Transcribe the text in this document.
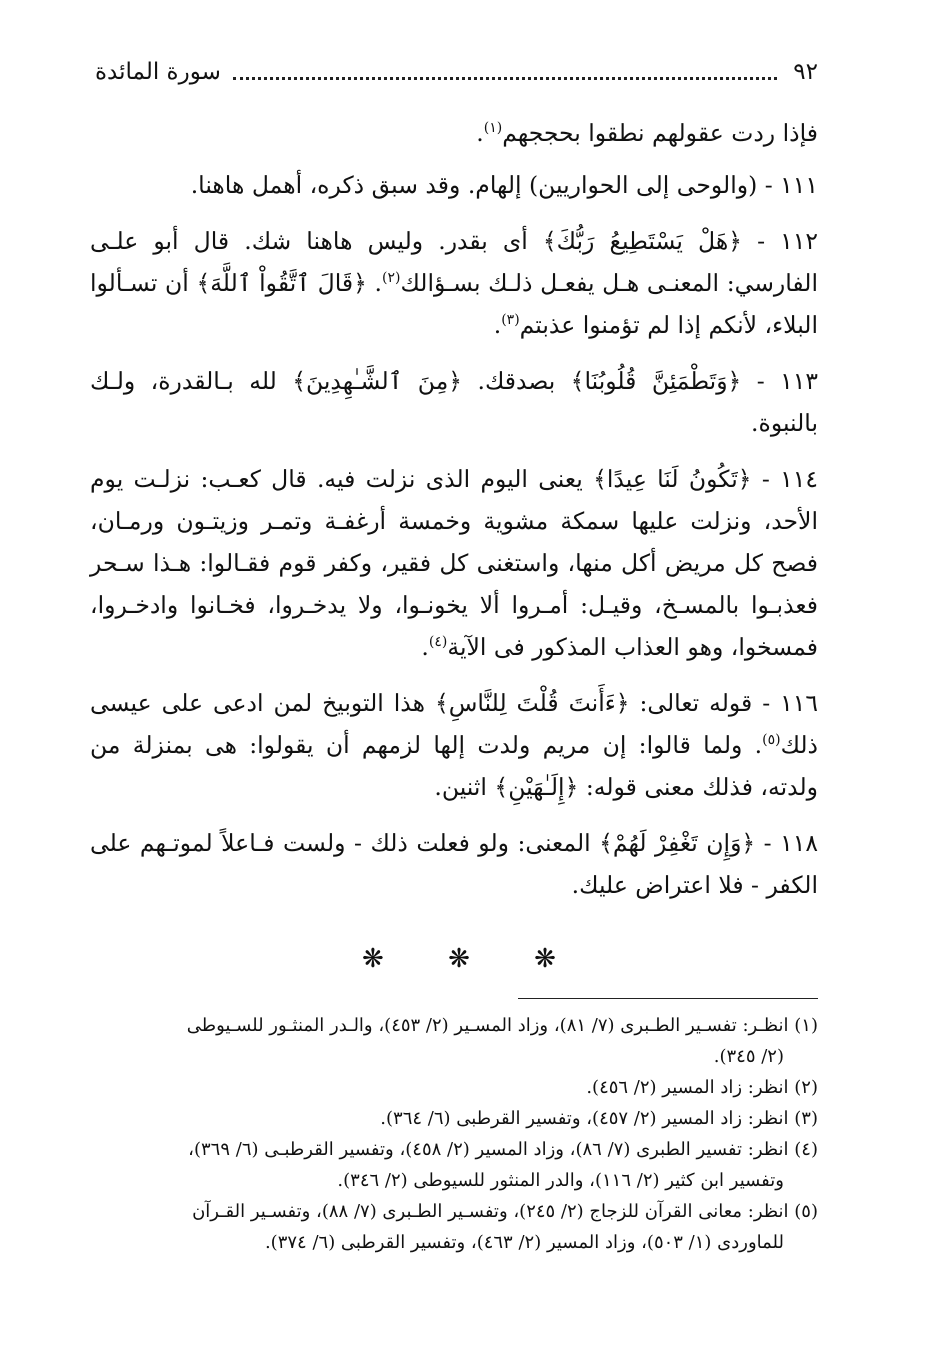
٩٢
سورة المائدة

فإذا ردت عقولهم نطقوا بحججهم$^{(١)}$.

١١١ - (والوحى إلى الحواريين) إلهام. وقد سبق ذكره، أهمل هاهنا.

١١٢ - ﴿هَلْ يَسْتَطِيعُ رَبُّكَ﴾ أى بقدر. وليس هاهنا شك. قال أبو علـى الفارسي: المعنـى هـل يفعـل ذلـك بسـؤالك$^{(٢)}$. ﴿قَالَ ٱتَّقُواْ ٱللَّهَ﴾ أن تسـألوا البلاء، لأنكم إذا لم تؤمنوا عذبتم$^{(٣)}$.

١١٣ - ﴿وَتَطْمَئِنَّ قُلُوبُنَا﴾ بصدقك. ﴿مِنَ ٱلشَّـٰهِدِينَ﴾ لله بـالقدرة، ولـك بالنبوة.

١١٤ - ﴿تَكُونُ لَنَا عِيدًا﴾ يعنى اليوم الذى نزلت فيه. قال كعـب: نزلـت يوم الأحد، ونزلت عليها سمكة مشوية وخمسة أرغفـة وتمـر وزيتـون ورمـان، فصح كل مريض أكل منها، واستغنى كل فقير، وكفر قوم فقـالوا: هـذا سـحر فعذبـوا بالمسـخ، وقيـل: أمـروا ألا يخونـوا، ولا يدخـروا، فخـانوا وادخـروا، فمسخوا، وهو العذاب المذكور فى الآية$^{(٤)}$.

١١٦ - قوله تعالى: ﴿ءَأَنتَ قُلْتَ لِلنَّاسِ﴾ هذا التوبيخ لمن ادعى على عيسى ذلك$^{(٥)}$. ولما قالوا: إن مريم ولدت إلها لزمهم أن يقولوا: هى بمنزلة من ولدته، فذلك معنى قوله: ﴿إِلَـٰهَيْنِ﴾ اثنين.

١١٨ - ﴿وَإِن تَغْفِرْ لَهُمْ﴾ المعنى: ولو فعلت ذلك - ولست فـاعلاً لموتـهم على الكفر - فلا اعتراض عليك.

❋ ❋ ❋

(١) انظـر: تفسـير الطـبرى (٧/ ٨١)، وزاد المسـير (٢/ ٤٥٣)، والـدر المنثـور للسـيوطى
(٢/ ٣٤٥).

(٢) انظر: زاد المسير (٢/ ٤٥٦).

(٣) انظر: زاد المسير (٢/ ٤٥٧)، وتفسير القرطبى (٦/ ٣٦٤).

(٤) انظر: تفسير الطبرى (٧/ ٨٦)، وزاد المسير (٢/ ٤٥٨)، وتفسير القرطبـى (٦/ ٣٦٩)،
وتفسير ابن كثير (٢/ ١١٦)، والدر المنثور للسيوطى (٢/ ٣٤٦).

(٥) انظر: معانى القرآن للزجاج (٢/ ٢٤٥)، وتفسـير الطـبرى (٧/ ٨٨)، وتفسـير القـرآن
للماوردى (١/ ٥٠٣)، وزاد المسير (٢/ ٤٦٣)، وتفسير القرطبى (٦/ ٣٧٤).
